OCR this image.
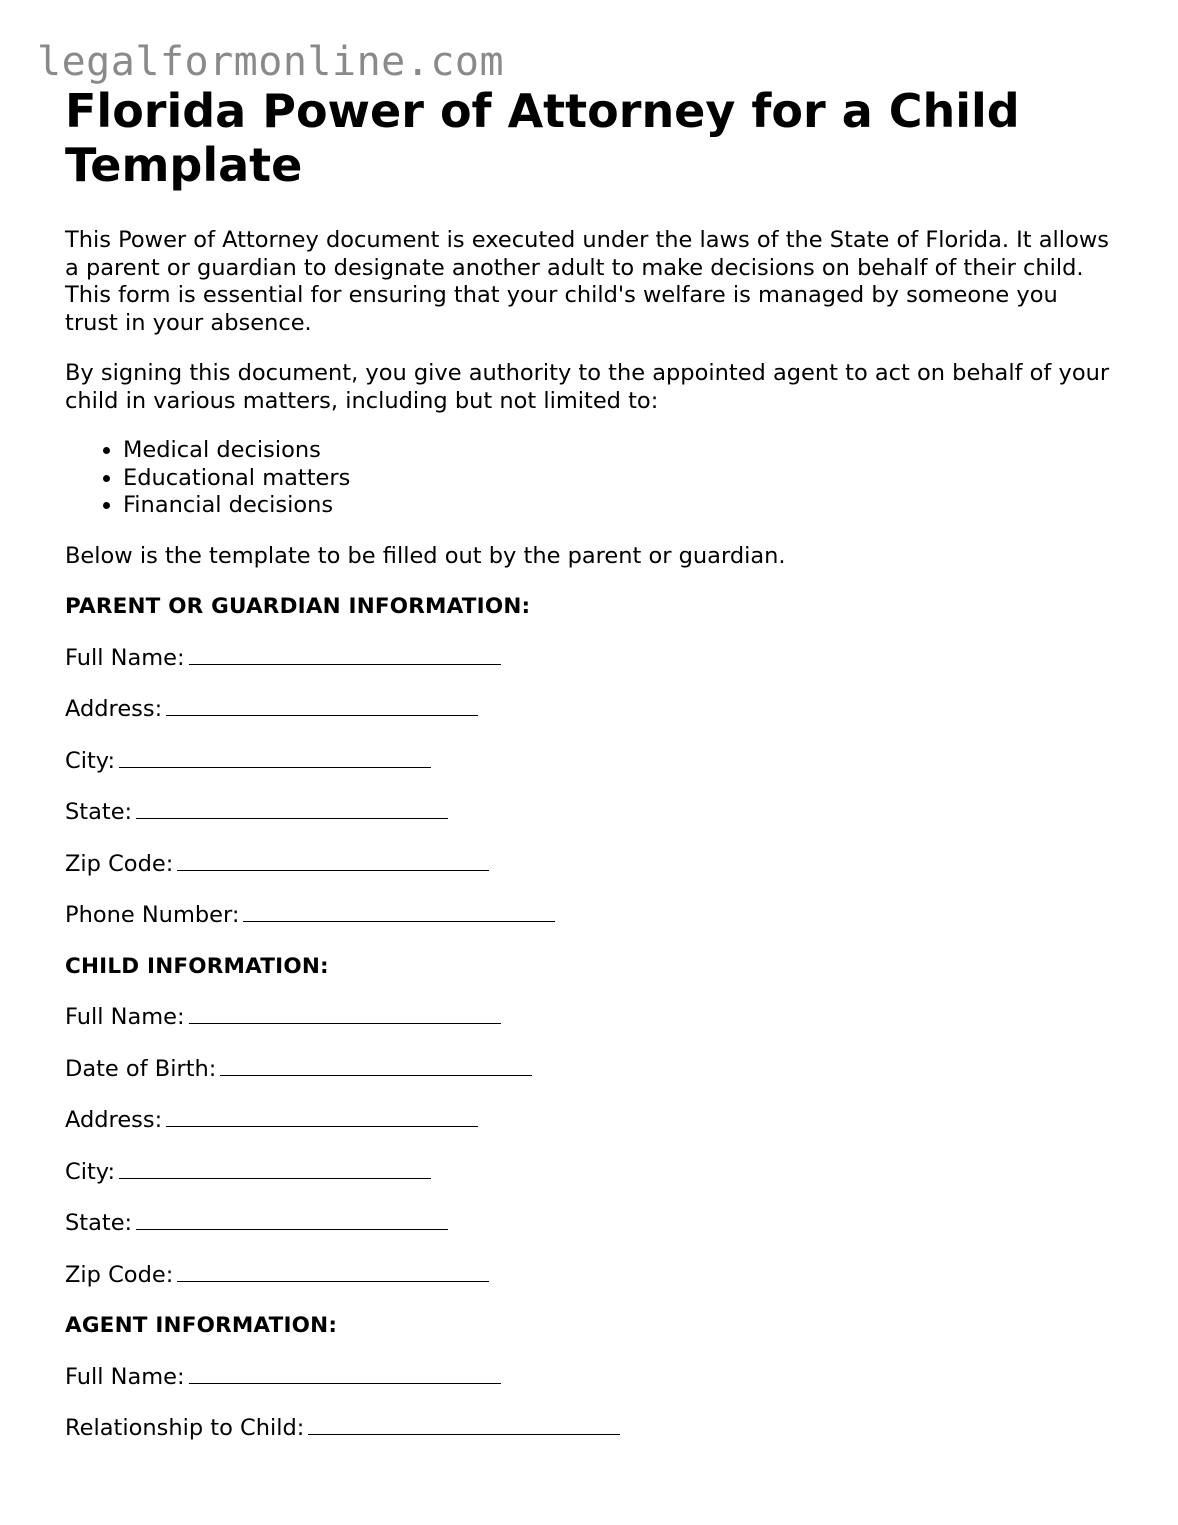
legalformonline.com
Florida Power of Attorney for a Child Template

This Power of Attorney document is executed under the laws of the State of Florida. It allows a parent or guardian to designate another adult to make decisions on behalf of their child. This form is essential for ensuring that your child's welfare is managed by someone you trust in your absence.

By signing this document, you give authority to the appointed agent to act on behalf of your child in various matters, including but not limited to:

• Medical decisions
• Educational matters
• Financial decisions

Below is the template to be filled out by the parent or guardian.

PARENT OR GUARDIAN INFORMATION:
Full Name:
Address:
City:
State:
Zip Code:
Phone Number:
CHILD INFORMATION:
Full Name:
Date of Birth:
Address:
City:
State:
Zip Code:
AGENT INFORMATION:
Full Name:
Relationship to Child:
